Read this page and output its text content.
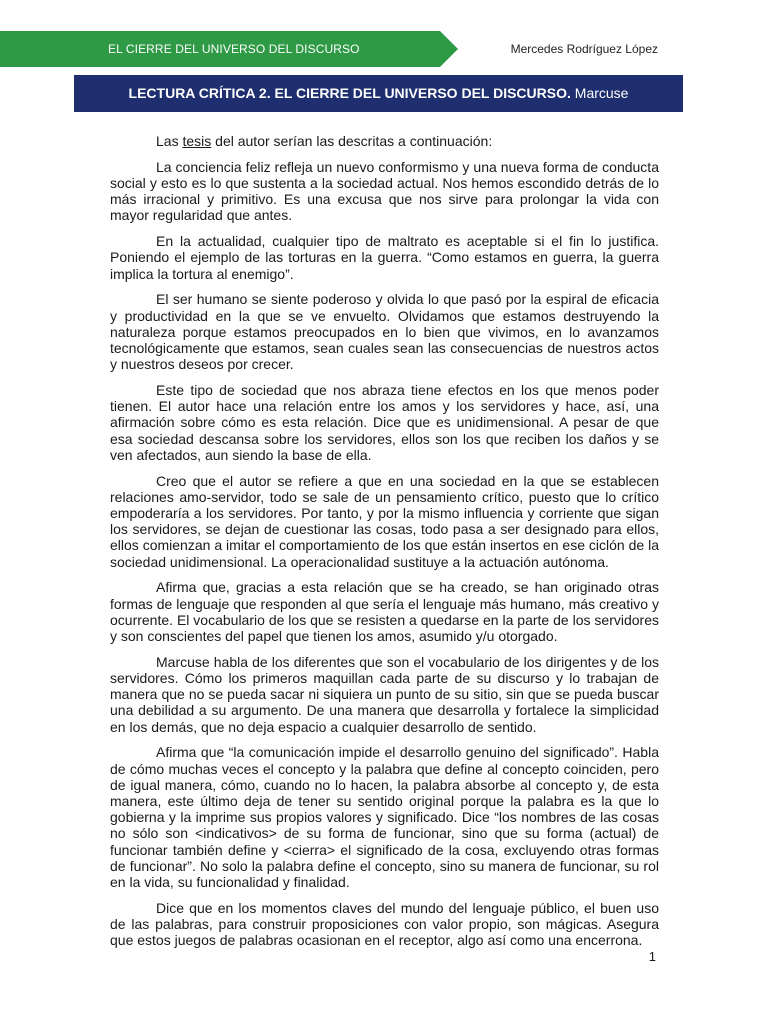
EL CIERRE DEL UNIVERSO DEL DISCURSO	Mercedes Rodríguez López
LECTURA CRÍTICA 2. EL CIERRE DEL UNIVERSO DEL DISCURSO. Marcuse

Las tesis del autor serían las descritas a continuación:

La conciencia feliz refleja un nuevo conformismo y una nueva forma de conducta social y esto es lo que sustenta a la sociedad actual. Nos hemos escondido detrás de lo más irracional y primitivo. Es una excusa que nos sirve para prolongar la vida con mayor regularidad que antes.

En la actualidad, cualquier tipo de maltrato es aceptable si el fin lo justifica. Poniendo el ejemplo de las torturas en la guerra. “Como estamos en guerra, la guerra implica la tortura al enemigo”.

El ser humano se siente poderoso y olvida lo que pasó por la espiral de eficacia y productividad en la que se ve envuelto. Olvidamos que estamos destruyendo la naturaleza porque estamos preocupados en lo bien que vivimos, en lo avanzamos tecnológicamente que estamos, sean cuales sean las consecuencias de nuestros actos y nuestros deseos por crecer.

Este tipo de sociedad que nos abraza tiene efectos en los que menos poder tienen. El autor hace una relación entre los amos y los servidores y hace, así, una afirmación sobre cómo es esta relación. Dice que es unidimensional. A pesar de que esa sociedad descansa sobre los servidores, ellos son los que reciben los daños y se ven afectados, aun siendo la base de ella.

Creo que el autor se refiere a que en una sociedad en la que se establecen relaciones amo-servidor, todo se sale de un pensamiento crítico, puesto que lo crítico empoderaría a los servidores. Por tanto, y por la mismo influencia y corriente que sigan los servidores, se dejan de cuestionar las cosas, todo pasa a ser designado para ellos, ellos comienzan a imitar el comportamiento de los que están insertos en ese ciclón de la sociedad unidimensional. La operacionalidad sustituye a la actuación autónoma.

Afirma que, gracias a esta relación que se ha creado, se han originado otras formas de lenguaje que responden al que sería el lenguaje más humano, más creativo y ocurrente. El vocabulario de los que se resisten a quedarse en la parte de los servidores y son conscientes del papel que tienen los amos, asumido y/u otorgado.

Marcuse habla de los diferentes que son el vocabulario de los dirigentes y de los servidores. Cómo los primeros maquillan cada parte de su discurso y lo trabajan de manera que no se pueda sacar ni siquiera un punto de su sitio, sin que se pueda buscar una debilidad a su argumento. De una manera que desarrolla y fortalece la simplicidad en los demás, que no deja espacio a cualquier desarrollo de sentido.

Afirma que “la comunicación impide el desarrollo genuino del significado”. Habla de cómo muchas veces el concepto y la palabra que define al concepto coinciden, pero de igual manera, cómo, cuando no lo hacen, la palabra absorbe al concepto y, de esta manera, este último deja de tener su sentido original porque la palabra es la que lo gobierna y la imprime sus propios valores y significado. Dice “los nombres de las cosas no sólo son <indicativos> de su forma de funcionar, sino que su forma (actual) de funcionar también define y <cierra> el significado de la cosa, excluyendo otras formas de funcionar”. No solo la palabra define el concepto, sino su manera de funcionar, su rol en la vida, su funcionalidad y finalidad.

Dice que en los momentos claves del mundo del lenguaje público, el buen uso de las palabras, para construir proposiciones con valor propio, son mágicas. Asegura que estos juegos de palabras ocasionan en el receptor, algo así como una encerrona.

1
